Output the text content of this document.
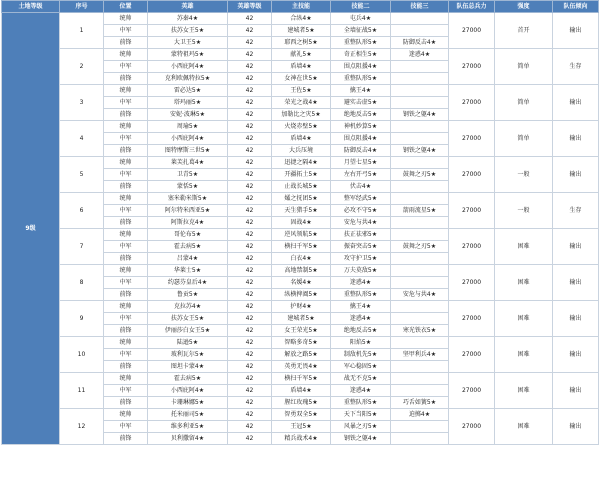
土地等级	序号	位置	英雄	英雄等级	主技能	技能二	技能三	队伍总兵力	强度	队伍倾向
9级	1	统帅	苏秦4★	42	合纵4★	屯兵4★		27000	首开	输出
		中军	扶苏女王5★	42	建城者5★	全墙征战5★				
		前锋	大卫王5★	42	耶西之树5★	重整队形5★	防御反击4★			
	2	统帅	蒙特祖玛5★	42	献礼5★	奇正相生5★	迷惑4★	27000	简单	生存
		中军	小西庇阿4★	42	盾墙4★	围点阻援4★				
		前锋	克利欧佩特拉5★	42	女神在世5★	重整队形5★				
	3	统帅	雷必达5★	42	王佐5★	擒王4★		27000	简单	输出
		中军	塔玛丽5★	42	荣光之战4★	避实击虚5★				
		前锋	安妮·波琳5★	42	加勒比之灾5★	绝地反击5★	钢铁之躯4★			
	4	统帅	周瑜5★	42	火烧赤壁5★	神机妙算5★		27000	简单	输出
		中军	小西庇阿4★	42	盾墙4★	围点阻援4★				
		前锋	图特摩斯三世5★	42	大兵压境	防御反击4★	钢铁之躯4★			
	5	统帅	莱芙扎葛4★	42	迅捷之隔4★	月望七星5★		27000	一般	输出
		中军	卫青5★	42	开疆拓土5★	左右开弓5★	鼓舞之刃5★			
		前锋	蒙恬5★	42	止战长城5★	伏击4★				
	6	统帅	塞米勒米斯5★	42	孀之抚团5★	整军经武5★		27000	一般	生存
		中军	阿尔特米西亚5★	42	天生猎手5★	必攻不守5★	箭雨流星5★			
		前锋	阿斯拉克4★	42	固战4★	安危与共4★				
	7	统帅	哥伦布5★	42	逆风领航5★	扶正祛邪5★		27000	困难	输出
		中军	霍去病5★	42	横扫千军5★	振奋突击5★	鼓舞之刃5★			
		前锋	吕蒙4★	42	白衣4★	攻守护卫5★				
	8	统帅	华莱士5★	42	高地禁制5★	万夫莫敌5★		27000	困难	输出
		中军	约瑟芬皇后4★	42	名媛4★	迷惑4★				
		前锋	鲁贡5★	42	纵横捭阖5★	重整队形5★	安危与共4★			
	9	统帅	克拉苏4★	42	护财4★	擒王4★		27000	困难	输出
		中军	扶苏女王5★	42	建城者5★	迷惑4★				
		前锋	伊丽莎白女王5★	42	女王荣光5★	绝地反击5★	寒光铁衣5★			
	10	统帅	陆逊5★	42	智略多奇5★	阳焰5★		27000	困难	输出
		中军	玻利瓦尔5★	42	解放之路5★	制敌机先5★	坚甲利兵4★			
		前锋	图坦卡蒙4★	42	英勇无畏4★	军心稳固5★				
	11	统帅	霍去病5★	42	横扫千军5★	战无不克5★		27000	困难	输出
		中军	小西庇阿4★	42	盾墙4★	迷惑4★				
		前锋	卡珊琳娜5★	42	腥红玫瑰5★	重整队形5★	巧舌如簧5★			
	12	统帅	托米丽司5★	42	智勇双全5★	天下当阳5★	迫掷4★	27000	困难	输出
		中军	维多利亚5★	42	王冠5★	风暴之刃5★				
		前锋	贝利撒留4★	42	精兵战术4★	钢铁之躯4★				
